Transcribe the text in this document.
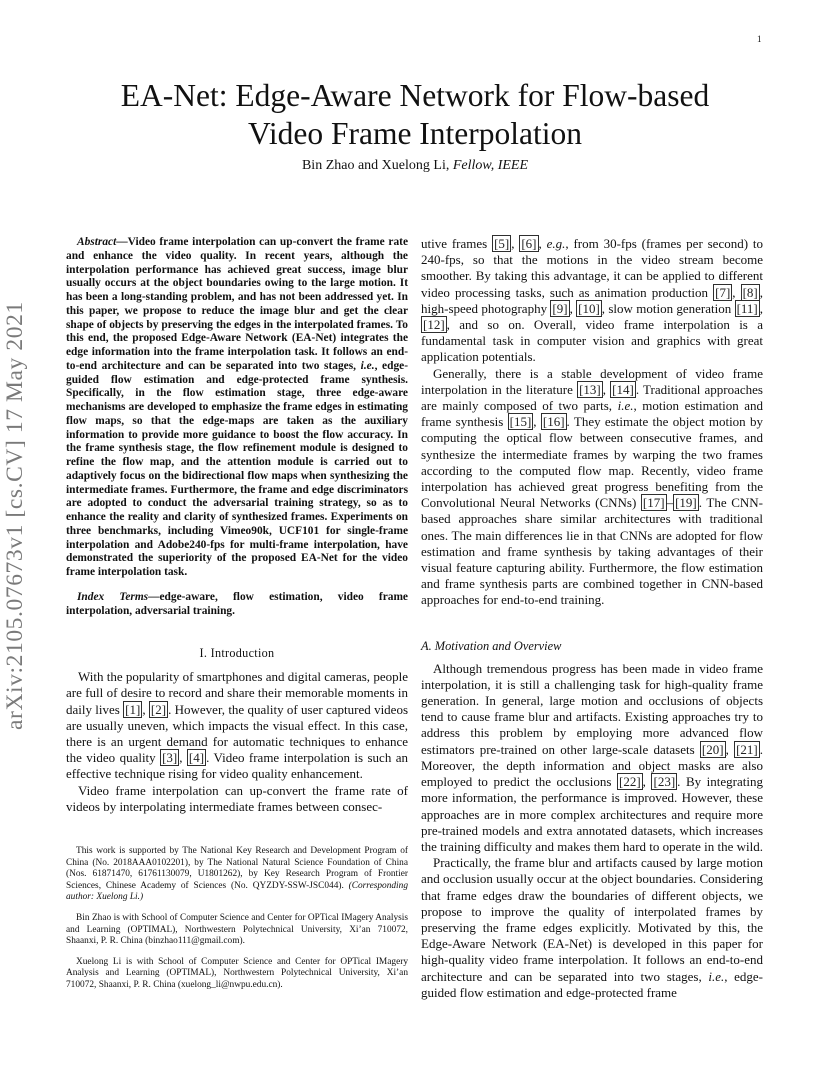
1
arXiv:2105.07673v1 [cs.CV] 17 May 2021
EA-Net: Edge-Aware Network for Flow-based
Video Frame Interpolation
Bin Zhao and Xuelong Li, Fellow, IEEE

Abstract—Video frame interpolation can up-convert the frame rate and enhance the video quality. In recent years, although the interpolation performance has achieved great success, image blur usually occurs at the object boundaries owing to the large motion. It has been a long-standing problem, and has not been addressed yet. In this paper, we propose to reduce the image blur and get the clear shape of objects by preserving the edges in the interpolated frames. To this end, the proposed Edge-Aware Network (EA-Net) integrates the edge information into the frame interpolation task. It follows an end-to-end architecture and can be separated into two stages, i.e., edge-guided flow estimation and edge-protected frame synthesis. Specifically, in the flow estimation stage, three edge-aware mechanisms are developed to emphasize the frame edges in estimating flow maps, so that the edge-maps are taken as the auxiliary information to provide more guidance to boost the flow accuracy. In the frame synthesis stage, the flow refinement module is designed to refine the flow map, and the attention module is carried out to adaptively focus on the bidirectional flow maps when synthesizing the intermediate frames. Furthermore, the frame and edge discriminators are adopted to conduct the adversarial training strategy, so as to enhance the reality and clarity of synthesized frames. Experiments on three benchmarks, including Vimeo90k, UCF101 for single-frame interpolation and Adobe240-fps for multi-frame interpolation, have demonstrated the superiority of the proposed EA-Net for the video frame interpolation task.

Index Terms—edge-aware, flow estimation, video frame interpolation, adversarial training.

I. Introduction

With the popularity of smartphones and digital cameras, people are full of desire to record and share their memorable moments in daily lives [1] , [2] . However, the quality of user captured videos are usually uneven, which impacts the visual effect. In this case, there is an urgent demand for automatic techniques to enhance the video quality [3] , [4] . Video frame interpolation is such an effective technique rising for video quality enhancement.

Video frame interpolation can up-convert the frame rate of videos by interpolating intermediate frames between consec-

This work is supported by The National Key Research and Development Program of China (No. 2018AAA0102201), by The National Natural Science Foundation of China (Nos. 61871470, 61761130079, U1801262), by Key Research Program of Frontier Sciences, Chinese Academy of Sciences (No. QYZDY-SSW-JSC044). (Corresponding author: Xuelong Li.)

Bin Zhao is with School of Computer Science and Center for OPTical IMagery Analysis and Learning (OPTIMAL), Northwestern Polytechnical University, Xi’an 710072, Shaanxi, P. R. China (binzhao111@gmail.com).

Xuelong Li is with School of Computer Science and Center for OPTical IMagery Analysis and Learning (OPTIMAL), Northwestern Polytechnical University, Xi’an 710072, Shaanxi, P. R. China (xuelong_li@nwpu.edu.cn).

utive frames [5] , [6] , e.g., from 30-fps (frames per second) to 240-fps, so that the motions in the video stream become smoother. By taking this advantage, it can be applied to different video processing tasks, such as animation production [7] , [8] , high-speed photography [9] , [10] , slow motion generation [11] , [12] , and so on. Overall, video frame interpolation is a fundamental task in computer vision and graphics with great application potentials.

Generally, there is a stable development of video frame interpolation in the literature [13] , [14] . Traditional approaches are mainly composed of two parts, i.e., motion estimation and frame synthesis [15] , [16] . They estimate the object motion by computing the optical flow between consecutive frames, and synthesize the intermediate frames by warping the two frames according to the computed flow map. Recently, video frame interpolation has achieved great progress benefiting from the Convolutional Neural Networks (CNNs) [17] – [19] . The CNN-based approaches share similar architectures with traditional ones. The main differences lie in that CNNs are adopted for flow estimation and frame synthesis by taking advantages of their visual feature capturing ability. Furthermore, the flow estimation and frame synthesis parts are combined together in CNN-based approaches for end-to-end training.

A. Motivation and Overview

Although tremendous progress has been made in video frame interpolation, it is still a challenging task for high-quality frame generation. In general, large motion and occlusions of objects tend to cause frame blur and artifacts. Existing approaches try to address this problem by employing more advanced flow estimators pre-trained on other large-scale datasets [20] , [21] . Moreover, the depth information and object masks are also employed to predict the occlusions [22] , [23] . By integrating more information, the performance is improved. However, these approaches are in more complex architectures and require more pre-trained models and extra annotated datasets, which increases the training difficulty and makes them hard to operate in the wild.

Practically, the frame blur and artifacts caused by large motion and occlusion usually occur at the object boundaries. Considering that frame edges draw the boundaries of different objects, we propose to improve the quality of interpolated frames by preserving the frame edges explicitly. Motivated by this, the Edge-Aware Network (EA-Net) is developed in this paper for high-quality video frame interpolation. It follows an end-to-end architecture and can be separated into two stages, i.e., edge-guided flow estimation and edge-protected frame
